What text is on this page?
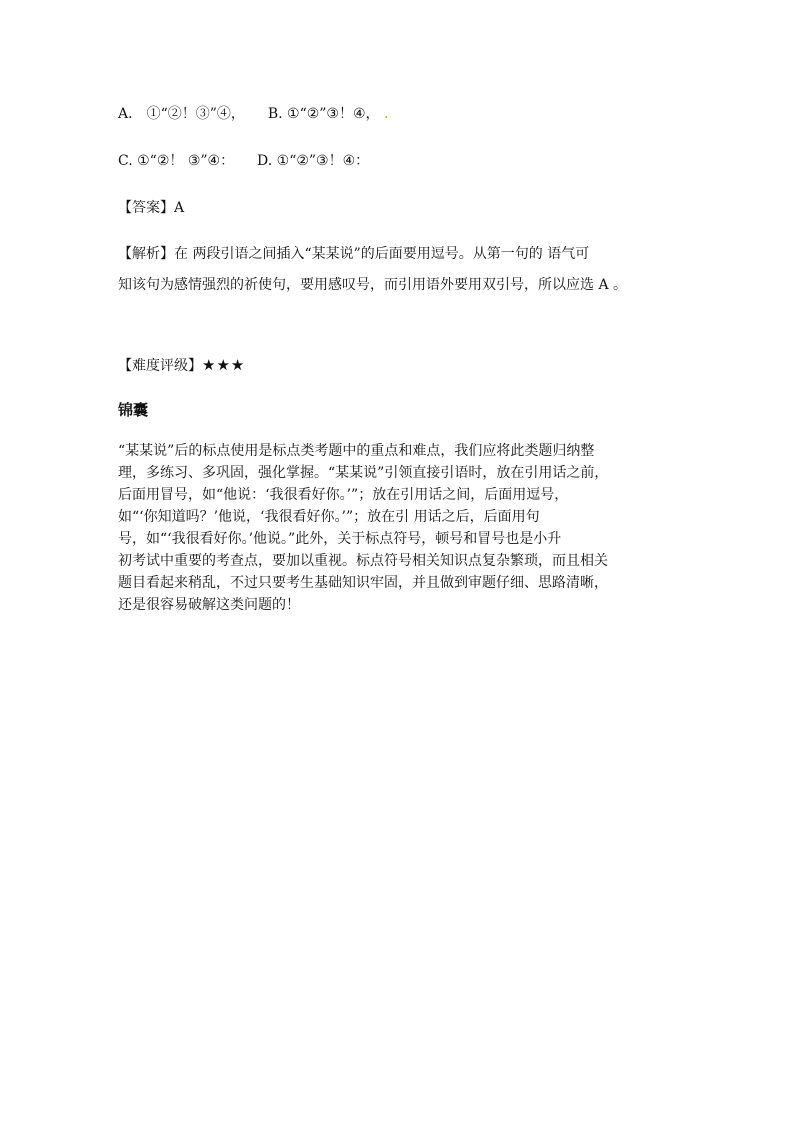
A． ①“②！③”④， B. ①“②”③！④， .
C. ①“②！ ③”④： D. ①“②”③！④：
【答案】A
【解析】在 两段引语之间插入“某某说”的后面要用逗号。从第一句的 语气可
知该句为感情强烈的祈使句，要用感叹号，而引用语外要用双引号，所以应选 A 。
【难度评级】★★★
锦囊
“某某说”后的标点使用是标点类考题中的重点和难点，我们应将此类题归纳整
理，多练习、多巩固，强化掌握。“某某说”引领直接引语时，放在引用话之前，
后面用冒号，如“他说：‘我很看好你。’”；放在引用话之间，后面用逗号，
如“‘你知道吗？’他说，‘我很看好你。’”；放在引 用话之后，后面用句
号，如“‘我很看好你。’他说。”此外，关于标点符号，顿号和冒号也是小升
初考试中重要的考查点，要加以重视。标点符号相关知识点复杂繁琐，而且相关
题目看起来稍乱，不过只要考生基础知识牢固，并且做到审题仔细、思路清晰，
还是很容易破解这类问题的！
